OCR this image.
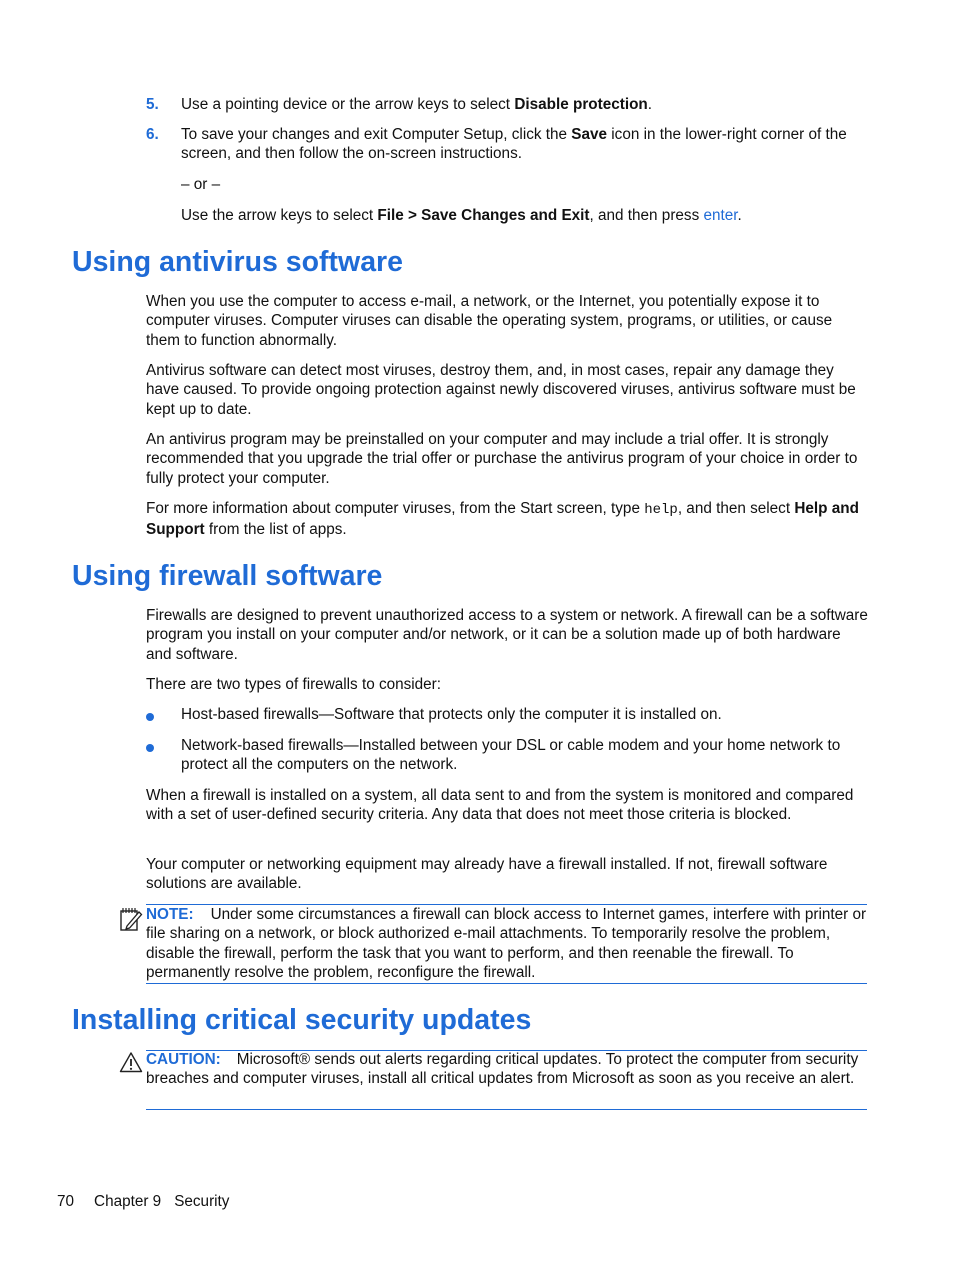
5. Use a pointing device or the arrow keys to select Disable protection.

6. To save your changes and exit Computer Setup, click the Save icon in the lower-right corner of the screen, and then follow the on-screen instructions.

– or –

Use the arrow keys to select File > Save Changes and Exit, and then press enter.

Using antivirus software

When you use the computer to access e-mail, a network, or the Internet, you potentially expose it to computer viruses. Computer viruses can disable the operating system, programs, or utilities, or cause them to function abnormally.

Antivirus software can detect most viruses, destroy them, and, in most cases, repair any damage they have caused. To provide ongoing protection against newly discovered viruses, antivirus software must be kept up to date.

An antivirus program may be preinstalled on your computer and may include a trial offer. It is strongly recommended that you upgrade the trial offer or purchase the antivirus program of your choice in order to fully protect your computer.

For more information about computer viruses, from the Start screen, type help, and then select Help and Support from the list of apps.

Using firewall software

Firewalls are designed to prevent unauthorized access to a system or network. A firewall can be a software program you install on your computer and/or network, or it can be a solution made up of both hardware and software.

There are two types of firewalls to consider:

Host-based firewalls—Software that protects only the computer it is installed on.

Network-based firewalls—Installed between your DSL or cable modem and your home network to protect all the computers on the network.

When a firewall is installed on a system, all data sent to and from the system is monitored and compared with a set of user-defined security criteria. Any data that does not meet those criteria is blocked.

Your computer or networking equipment may already have a firewall installed. If not, firewall software solutions are available.

NOTE: Under some circumstances a firewall can block access to Internet games, interfere with printer or file sharing on a network, or block authorized e-mail attachments. To temporarily resolve the problem, disable the firewall, perform the task that you want to perform, and then reenable the firewall. To permanently resolve the problem, reconfigure the firewall.

Installing critical security updates

CAUTION: Microsoft® sends out alerts regarding critical updates. To protect the computer from security breaches and computer viruses, install all critical updates from Microsoft as soon as you receive an alert.

70 Chapter 9 Security
